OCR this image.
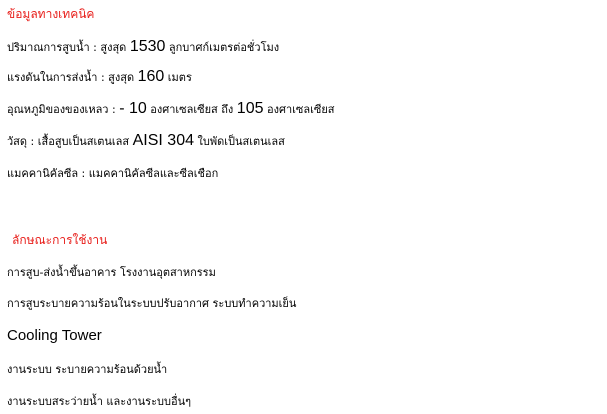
ข้อมูลทางเทคนิค
ปริมาณการสูบน้ำ : สูงสุด 1530 ลูกบาศก์เมตรต่อชั่วโมง
แรงดันในการส่งน้ำ : สูงสุด 160 เมตร
อุณหภูมิของของเหลว : - 10 องศาเซลเซียส ถึง 105 องศาเซลเซียส
วัสดุ : เสื้อสูบเป็นสเตนเลส AISI 304 ใบพัดเป็นสเตนเลส
แมคคานิคัลซีล : แมคคานิคัลซีลและซีลเชือก
ลักษณะการใช้งาน
การสูบ-ส่งน้ำขึ้นอาคาร โรงงานอุตสาหกรรม
การสูบระบายความร้อนในระบบปรับอากาศ ระบบทำความเย็น
Cooling Tower
งานระบบ ระบายความร้อนด้วยน้ำ
งานระบบสระว่ายน้ำ และงานระบบอื่นๆ
